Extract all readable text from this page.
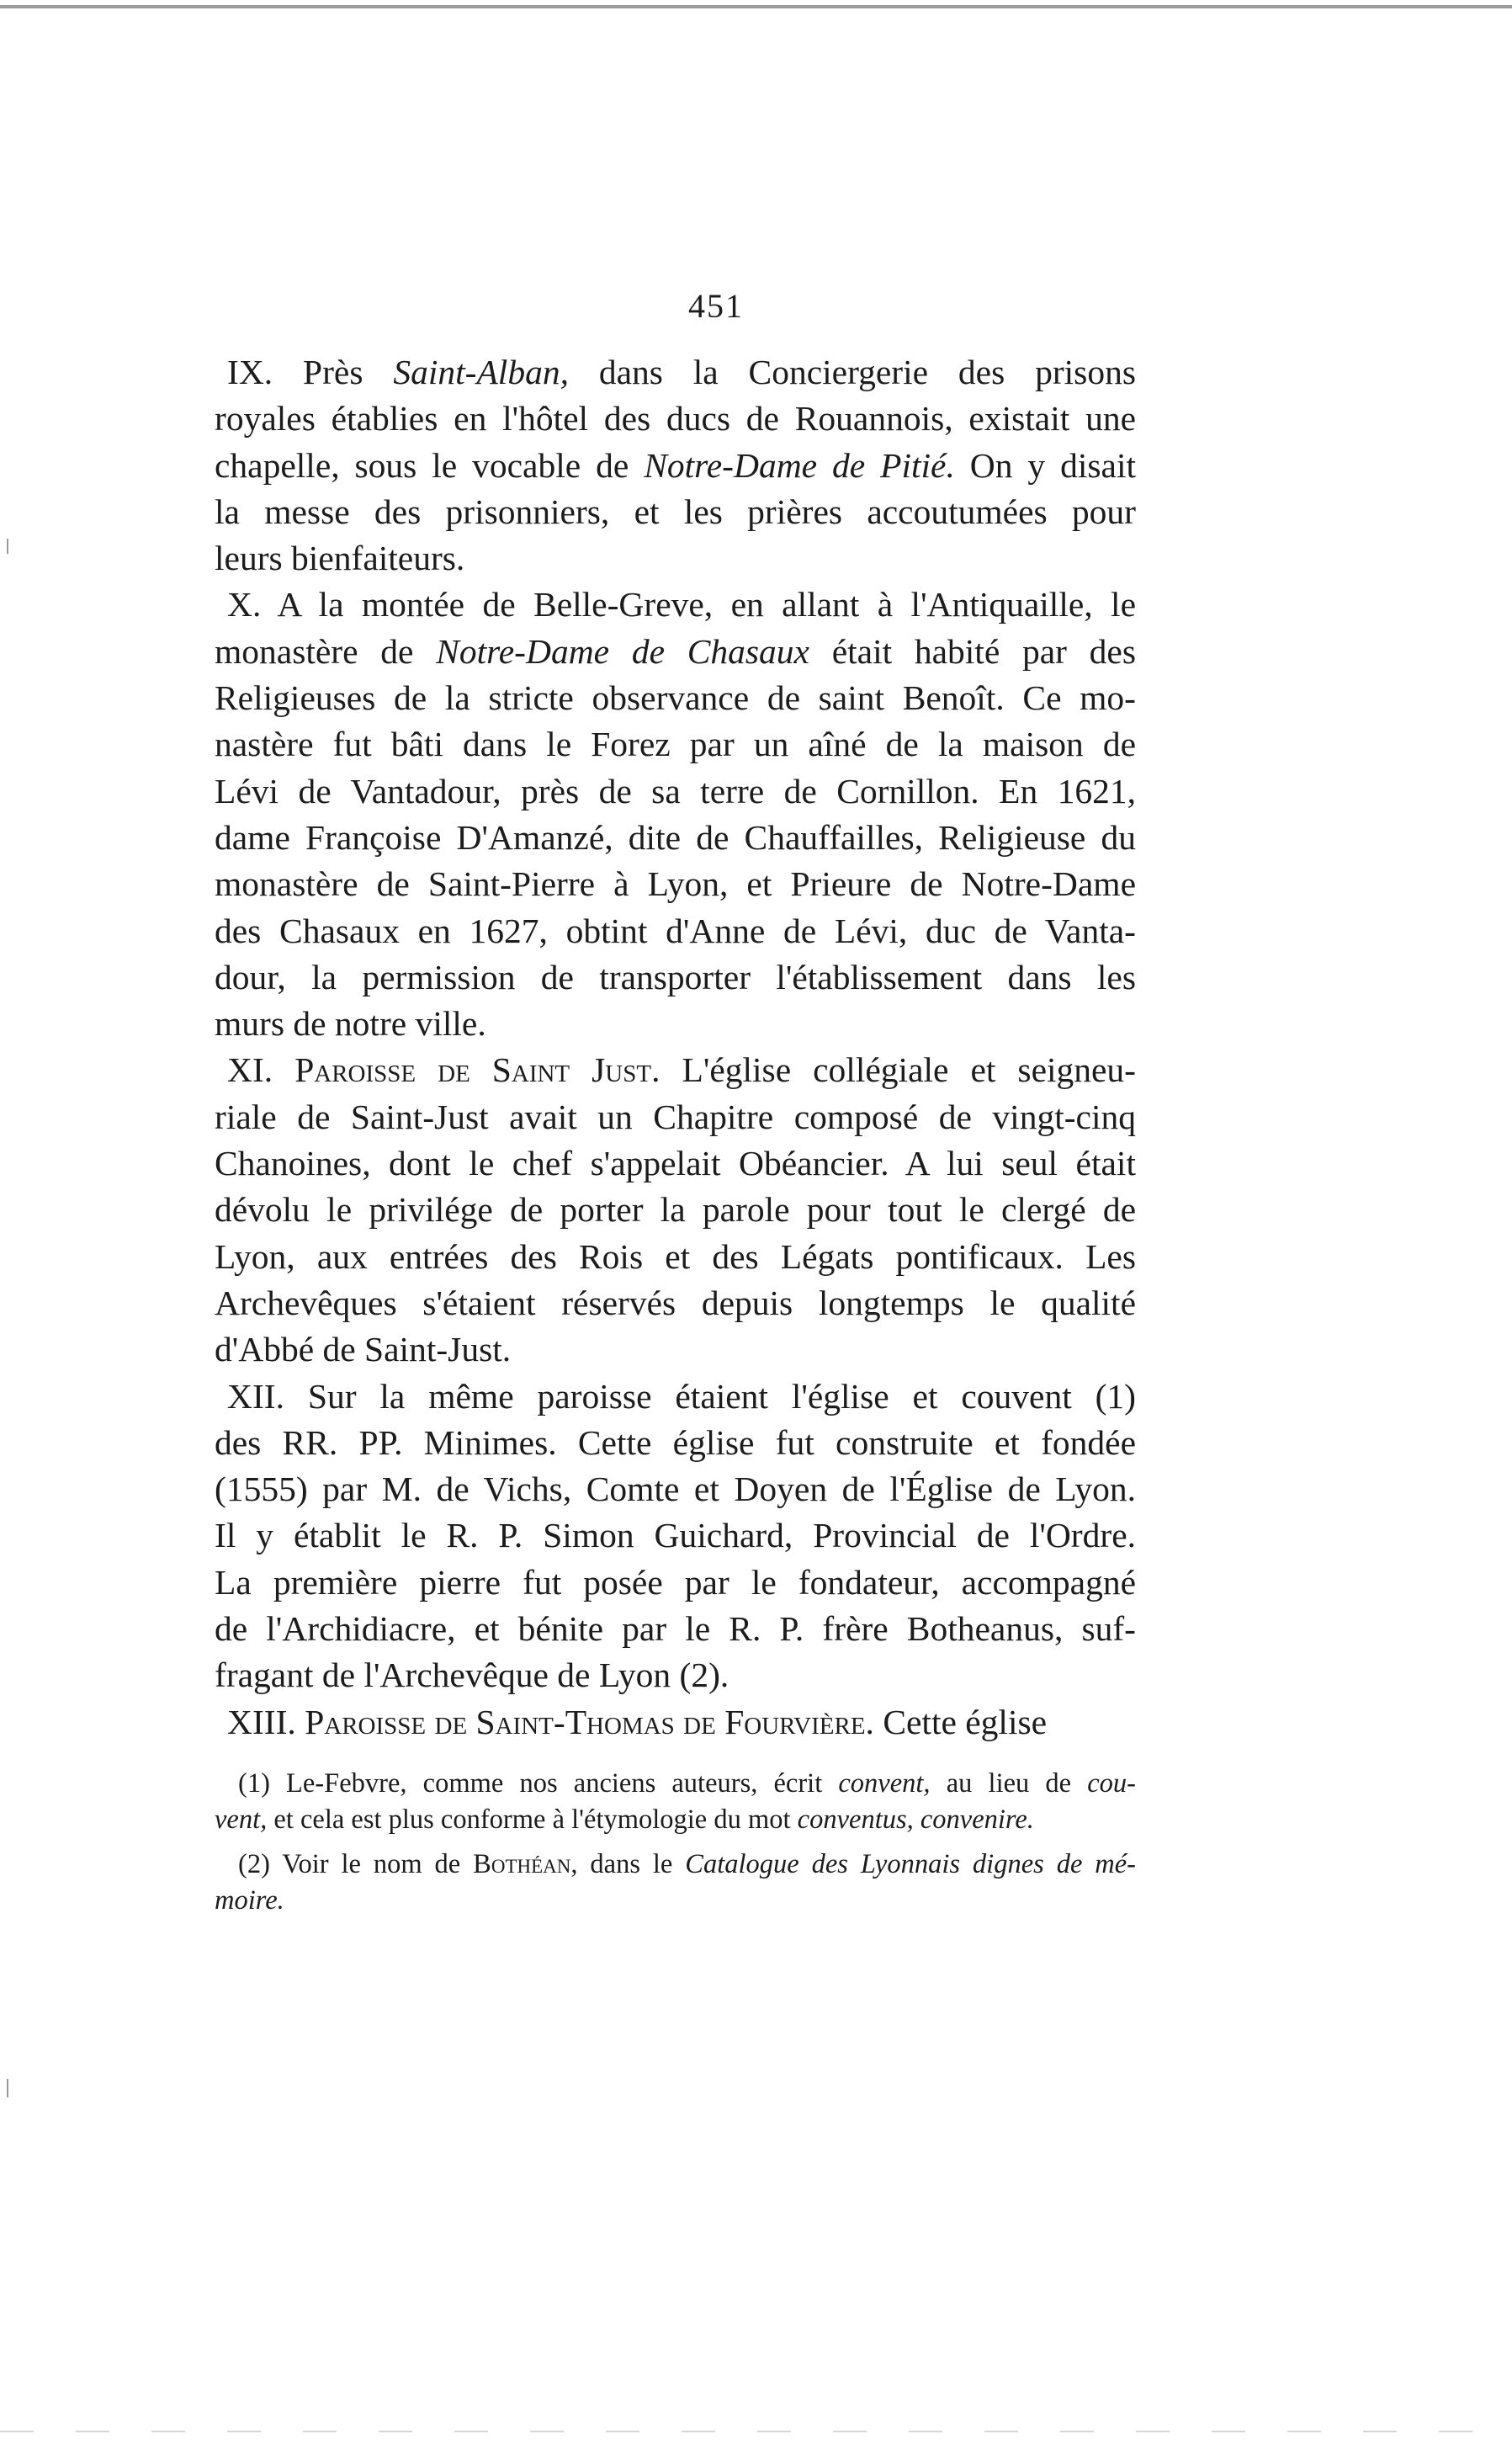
451

IX. Près Saint-Alban, dans la Conciergerie des prisons
royales établies en l'hôtel des ducs de Rouannois, existait une
chapelle, sous le vocable de Notre-Dame de Pitié. On y disait
la messe des prisonniers, et les prières accoutumées pour
leurs bienfaiteurs.

X. A la montée de Belle-Greve, en allant à l'Antiquaille, le
monastère de Notre-Dame de Chasaux était habité par des
Religieuses de la stricte observance de saint Benoît. Ce mo-
nastère fut bâti dans le Forez par un aîné de la maison de
Lévi de Vantadour, près de sa terre de Cornillon. En 1621,
dame Françoise D'Amanzé, dite de Chauffailles, Religieuse du
monastère de Saint-Pierre à Lyon, et Prieure de Notre-Dame
des Chasaux en 1627, obtint d'Anne de Lévi, duc de Vanta-
dour, la permission de transporter l'établissement dans les
murs de notre ville.

XI. Paroisse de Saint Just. L'église collégiale et seigneu-
riale de Saint-Just avait un Chapitre composé de vingt-cinq
Chanoines, dont le chef s'appelait Obéancier. A lui seul était
dévolu le privilége de porter la parole pour tout le clergé de
Lyon, aux entrées des Rois et des Légats pontificaux. Les
Archevêques s'étaient réservés depuis longtemps le qualité
d'Abbé de Saint-Just.

XII. Sur la même paroisse étaient l'église et couvent (1)
des RR. PP. Minimes. Cette église fut construite et fondée
(1555) par M. de Vichs, Comte et Doyen de l'Église de Lyon.
Il y établit le R. P. Simon Guichard, Provincial de l'Ordre.
La première pierre fut posée par le fondateur, accompagné
de l'Archidiacre, et bénite par le R. P. frère Botheanus, suf-
fragant de l'Archevêque de Lyon (2).

XIII. Paroisse de Saint-Thomas de Fourvière. Cette église

(1) Le-Febvre, comme nos anciens auteurs, écrit convent, au lieu de cou-
vent, et cela est plus conforme à l'étymologie du mot conventus, convenire.

(2) Voir le nom de Bothéan, dans le Catalogue des Lyonnais dignes de mé-
moire.
